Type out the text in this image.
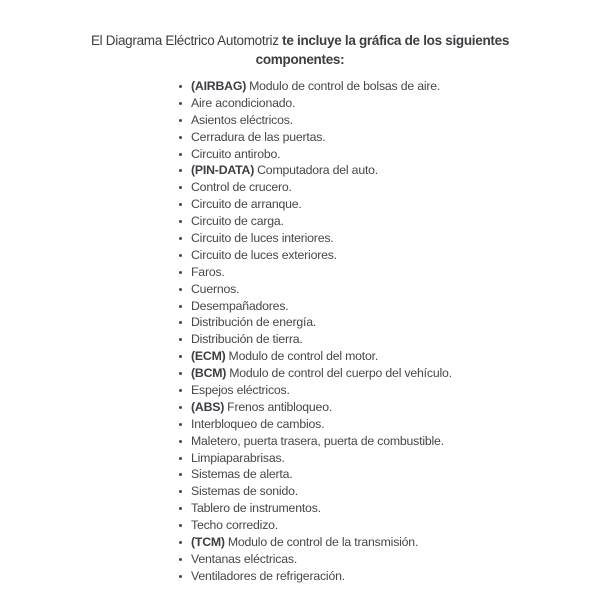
El Diagrama Eléctrico Automotriz te incluye la gráfica de los siguientes
componentes:
(AIRBAG) Modulo de control de bolsas de aire.
Aire acondicionado.
Asientos eléctricos.
Cerradura de las puertas.
Circuito antirobo.
(PIN-DATA) Computadora del auto.
Control de crucero.
Circuito de arranque.
Circuito de carga.
Circuito de luces interiores.
Circuito de luces exteriores.
Faros.
Cuernos.
Desempañadores.
Distribución de energía.
Distribución de tierra.
(ECM) Modulo de control del motor.
(BCM) Modulo de control del cuerpo del vehículo.
Espejos eléctricos.
(ABS) Frenos antibloqueo.
Interbloqueo de cambios.
Maletero, puerta trasera, puerta de combustible.
Limpiaparabrisas.
Sistemas de alerta.
Sistemas de sonido.
Tablero de instrumentos.
Techo corredizo.
(TCM) Modulo de control de la transmisión.
Ventanas eléctricas.
Ventiladores de refrigeración.
